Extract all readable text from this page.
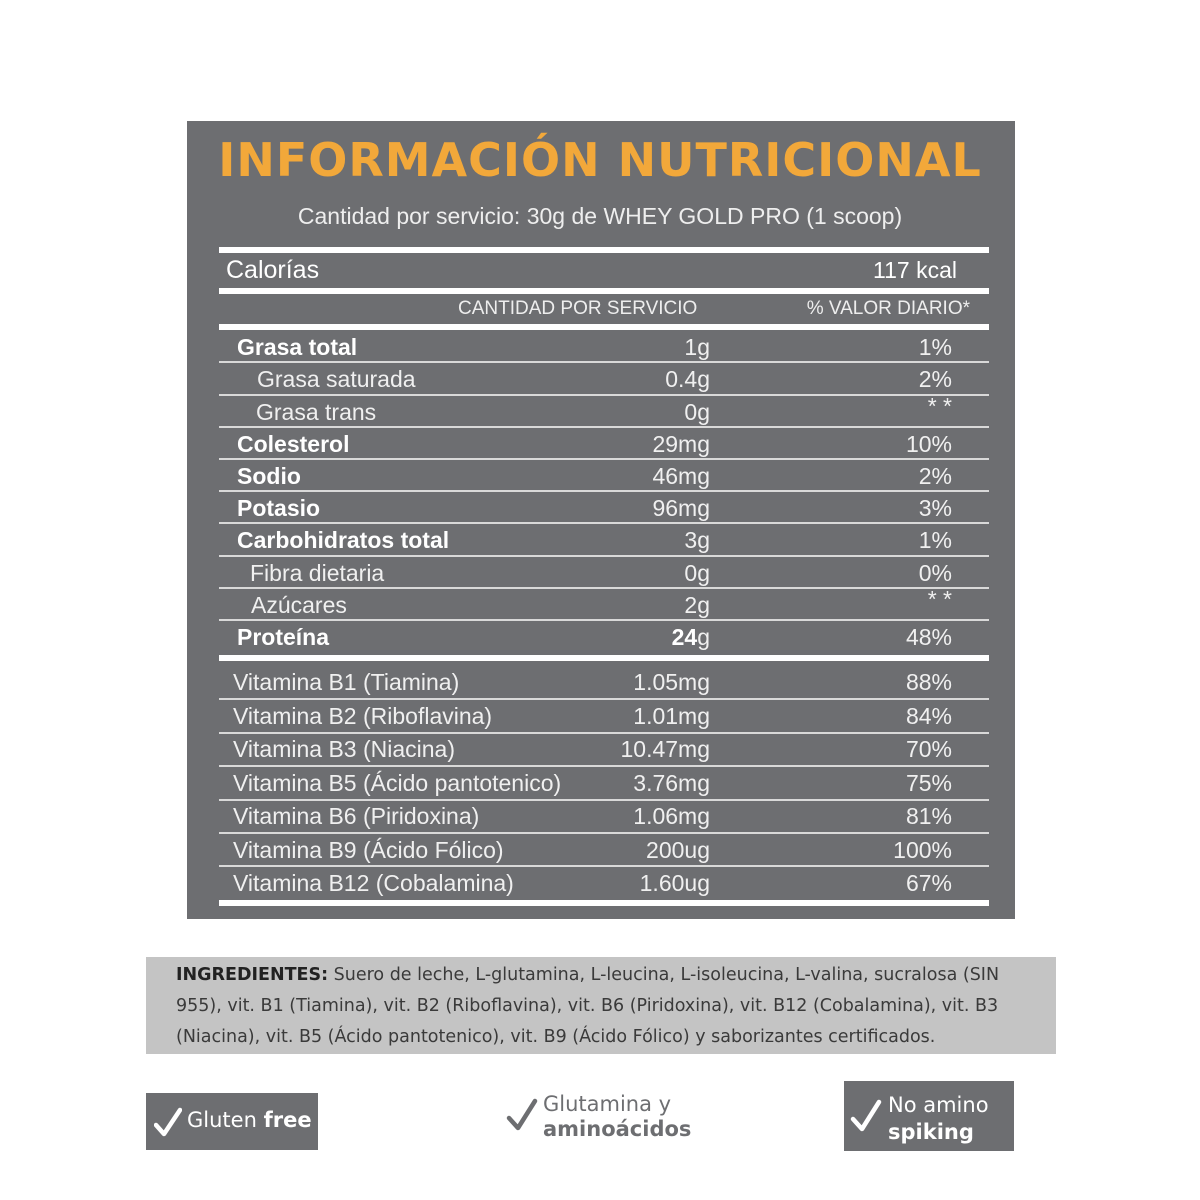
INFORMACIÓN NUTRICIONAL
Cantidad por servicio: 30g de WHEY GOLD PRO (1 scoop)
Calorías	117 kcal
CANTIDAD POR SERVICIO	% VALOR DIARIO*
Grasa total	1g	1%
Grasa saturada	0.4g	2%
Grasa trans	0g	* *
Colesterol	29mg	10%
Sodio	46mg	2%
Potasio	96mg	3%
Carbohidratos total	3g	1%
Fibra dietaria	0g	0%
Azúcares	2g	* *
Proteína	24g	48%
Vitamina B1 (Tiamina)	1.05mg	88%
Vitamina B2 (Riboflavina)	1.01mg	84%
Vitamina B3 (Niacina)	10.47mg	70%
Vitamina B5 (Ácido pantotenico)	3.76mg	75%
Vitamina B6 (Piridoxina)	1.06mg	81%
Vitamina B9 (Ácido Fólico)	200ug	100%
Vitamina B12 (Cobalamina)	1.60ug	67%

INGREDIENTES: Suero de leche, L-glutamina, L-leucina, L-isoleucina, L-valina, sucralosa (SIN 955), vit. B1 (Tiamina), vit. B2 (Riboflavina), vit. B6 (Piridoxina), vit. B12 (Cobalamina), vit. B3 (Niacina), vit. B5 (Ácido pantotenico), vit. B9 (Ácido Fólico) y saborizantes certificados.

Gluten free
Glutamina y
aminoácidos
No amino
spiking
